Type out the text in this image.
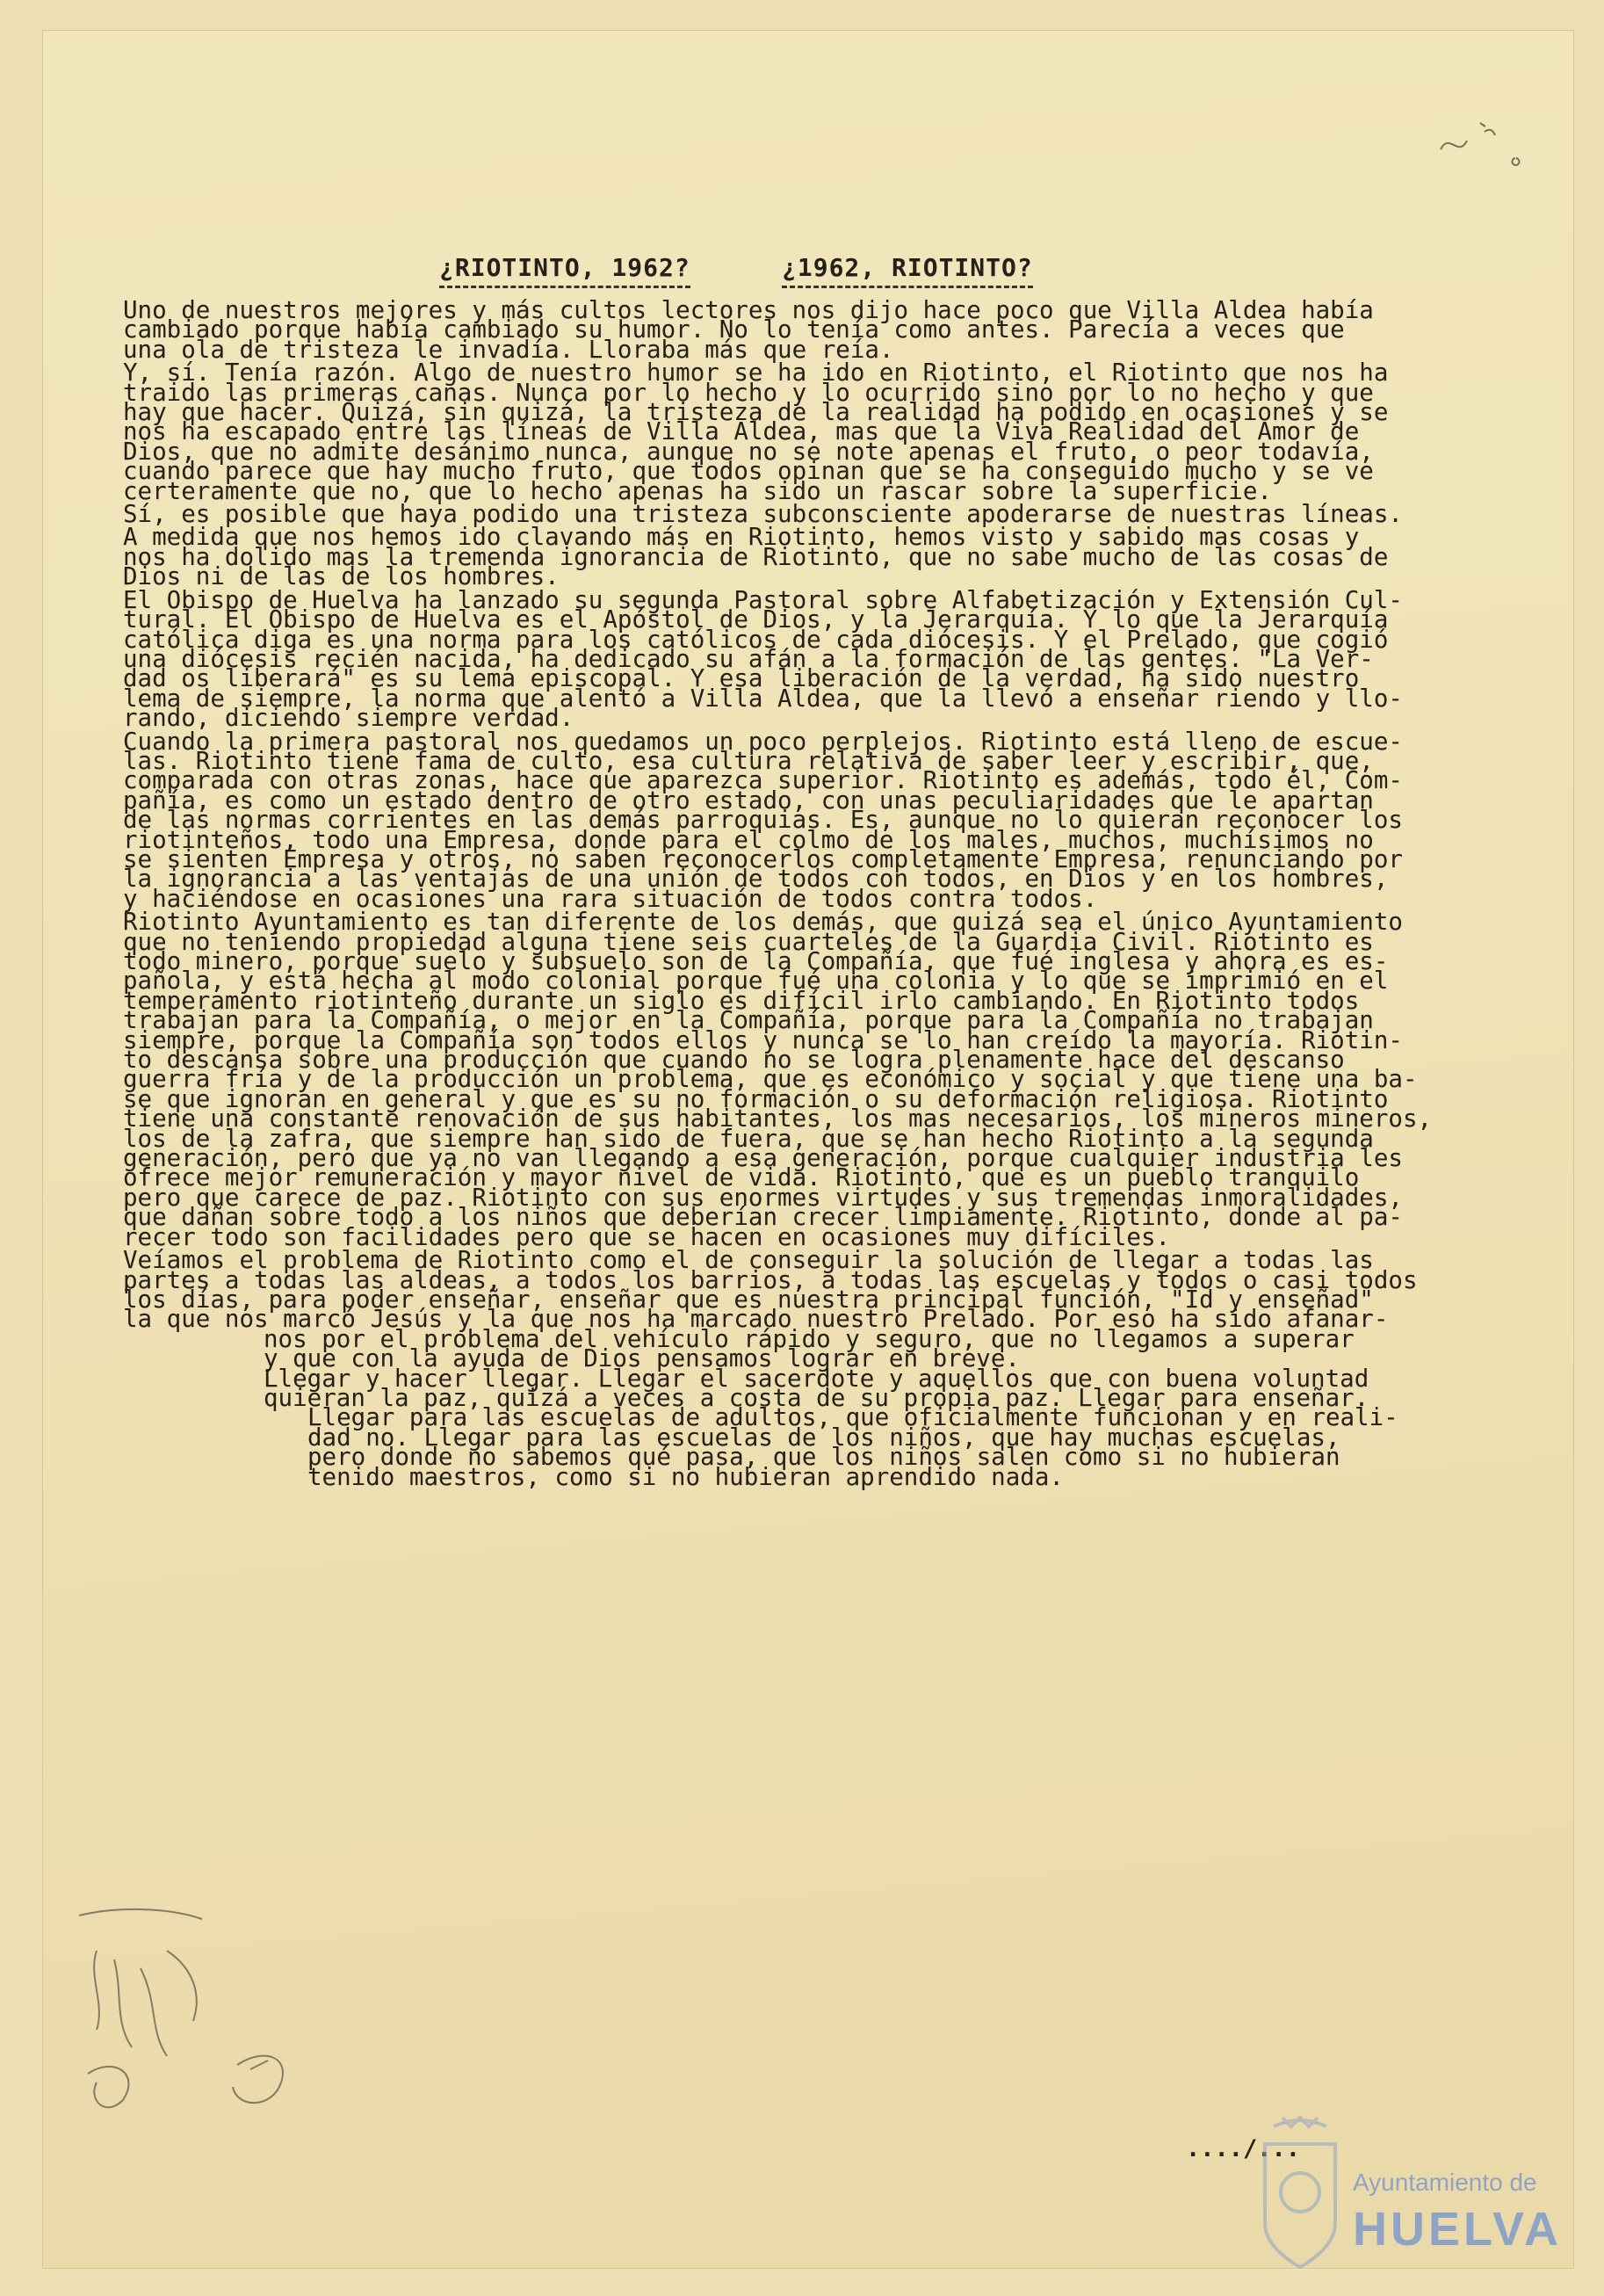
¿RIOTINTO, 1962?	¿1962, RIOTINTO?
Uno de nuestros mejores y más cultos lectores nos dijo hace poco que Villa Aldea había
cambiado porque había cambiado su humor. No lo tenía como antes. Parecía a veces que
una ola de tristeza le invadía. Lloraba más que reía.
Y, sí. Tenía razón. Algo de nuestro humor se ha ido en Riotinto, el Riotinto que nos ha
traido las primeras canas. Nunca por lo hecho y lo ocurrido sino por lo no hecho y que
hay que hacer. Quizá, sin quizá, la tristeza de la realidad ha podido en ocasiones y se
nos ha escapado entre las líneas de Villa Aldea, mas que la Viva Realidad del Amor de
Dios, que no admite desánimo nunca, aunque no se note apenas el fruto, o peor todavía,
cuando parece que hay mucho fruto, que todos opinan que se ha conseguido mucho y se ve
certeramente que no, que lo hecho apenas ha sido un rascar sobre la superficie.
Sí, es posible que haya podido una tristeza subconsciente apoderarse de nuestras líneas.
A medida que nos hemos ido clavando más en Riotinto, hemos visto y sabido mas cosas y
nos ha dolido mas la tremenda ignorancia de Riotinto, que no sabe mucho de las cosas de
Dios ni de las de los hombres.
El Obispo de Huelva ha lanzado su segunda Pastoral sobre Alfabetización y Extensión Cul-
tural. El Obispo de Huelva es el Apóstol de Dios, y la Jerarquía. Y lo que la Jerarquía
católica diga es una norma para los católicos de cada diócesis. Y el Prelado, que cogió
una diócesis recién nacida, ha dedicado su afán a la formación de las gentes. "La Ver-
dad os liberará" es su lema episcopal. Y esa liberación de la verdad, ha sido nuestro
lema de siempre, la norma que alentó a Villa Aldea, que la llevó a enseñar riendo y llo-
rando, diciendo siempre verdad.
Cuando la primera pastoral nos quedamos un poco perplejos. Riotinto está lleno de escue-
las. Riotinto tiene fama de culto, esa cultura relativa de saber leer y escribir, que,
comparada con otras zonas, hace que aparezca superior. Riotinto es además, todo él, Com-
pañía, es como un estado dentro de otro estado, con unas peculiaridades que le apartan
de las normas corrientes en las demás parroquias. Es, aunque no lo quieran reconocer los
riotinteños, todo una Empresa, donde para el colmo de los males, muchos, muchísimos no
se sienten Empresa y otros, no saben reconocerlos completamente Empresa, renunciando por
la ignorancia a las ventajas de una unión de todos con todos, en Dios y en los hombres,
y haciéndose en ocasiones una rara situación de todos contra todos.
Riotinto Ayuntamiento es tan diferente de los demás, que quizá sea el único Ayuntamiento
que no teniendo propiedad alguna tiene seis cuarteles de la Guardia Civil. Riotinto es
todo minero, porque suelo y subsuelo son de la Compañía, que fué inglesa y ahora es es-
pañola, y está hecha al modo colonial porque fué una colonia y lo que se imprimió en el
temperamento riotinteño durante un siglo es difícil irlo cambiando. En Riotinto todos
trabajan para la Compañía, o mejor en la Compañía, porque para la Compañía no trabajan
siempre, porque la Compañía son todos ellos y nunca se lo han creído la mayoría. Riotin-
to descansa sobre una producción que cuando no se logra plenamente hace del descanso
guerra fría y de la producción un problema, que es económico y social y que tiene una ba-
se que ignoran en general y que es su no formación o su deformación religiosa. Riotinto
tiene una constante renovación de sus habitantes, los mas necesarios, los mineros mineros,
los de la zafra, que siempre han sido de fuera, que se han hecho Riotinto a la segunda
generación, pero que ya no van llegando a esa generación, porque cualquier industria les
ofrece mejor remuneración y mayor nivel de vida. Riotinto, que es un pueblo tranquilo
pero que carece de paz. Riotinto con sus enormes virtudes y sus tremendas inmoralidades,
que dañan sobre todo a los niños que deberían crecer limpiamente. Riotinto, donde al pa-
recer todo son facilidades pero que se hacen en ocasiones muy difíciles.
Veíamos el problema de Riotinto como el de conseguir la solución de llegar a todas las
partes a todas las aldeas, a todos los barrios, a todas las escuelas y todos o casi todos
los días, para poder enseñar, enseñar que es nuestra principal función, "Id y enseñad"
la que nos marcó Jesús y la que nos ha marcado nuestro Prelado. Por eso ha sido afanar-
nos por el problema del vehículo rápido y seguro, que no llegamos a superar
y que con la ayuda de Dios pensamos lograr en breve.
Llegar y hacer llegar. Llegar el sacerdote y aquellos que con buena voluntad
quieran la paz, quizá a veces a costa de su propia paz. Llegar para enseñar.
Llegar para las escuelas de adultos, que oficialmente funcionan y en reali-
dad no. Llegar para las escuelas de los niños, que hay muchas escuelas,
pero donde no sabemos qué pasa, que los niños salen como si no hubieran
tenido maestros, como si no hubieran aprendido nada.
..../...
Ayuntamiento de
HUELVA
